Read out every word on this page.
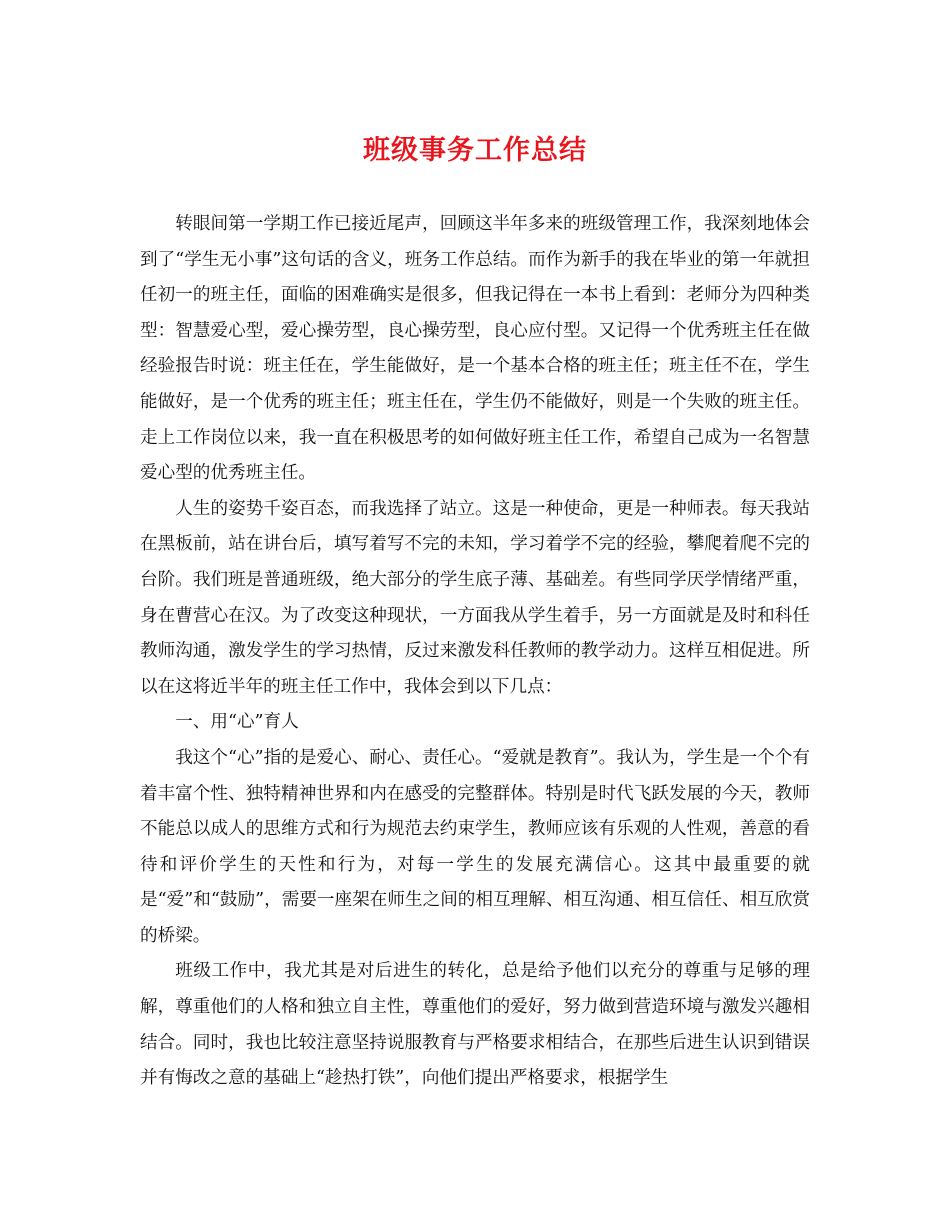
班级事务工作总结

转眼间第一学期工作已接近尾声，回顾这半年多来的班级管理工作，我深刻地体会到了“学生无小事”这句话的含义，班务工作总结。而作为新手的我在毕业的第一年就担任初一的班主任，面临的困难确实是很多，但我记得在一本书上看到：老师分为四种类型：智慧爱心型，爱心操劳型，良心操劳型，良心应付型。又记得一个优秀班主任在做经验报告时说：班主任在，学生能做好，是一个基本合格的班主任；班主任不在，学生能做好，是一个优秀的班主任；班主任在，学生仍不能做好，则是一个失败的班主任。走上工作岗位以来，我一直在积极思考的如何做好班主任工作，希望自己成为一名智慧爱心型的优秀班主任。

人生的姿势千姿百态，而我选择了站立。这是一种使命，更是一种师表。每天我站在黑板前，站在讲台后，填写着写不完的未知，学习着学不完的经验，攀爬着爬不完的台阶。我们班是普通班级，绝大部分的学生底子薄、基础差。有些同学厌学情绪严重，身在曹营心在汉。为了改变这种现状，一方面我从学生着手，另一方面就是及时和科任教师沟通，激发学生的学习热情，反过来激发科任教师的教学动力。这样互相促进。所以在这将近半年的班主任工作中，我体会到以下几点：

一、用“心”育人

我这个“心”指的是爱心、耐心、责任心。“爱就是教育”。我认为，学生是一个个有着丰富个性、独特精神世界和内在感受的完整群体。特别是时代飞跃发展的今天，教师不能总以成人的思维方式和行为规范去约束学生，教师应该有乐观的人性观，善意的看待和评价学生的天性和行为，对每一学生的发展充满信心。这其中最重要的就是“爱”和“鼓励”，需要一座架在师生之间的相互理解、相互沟通、相互信任、相互欣赏的桥梁。

班级工作中，我尤其是对后进生的转化，总是给予他们以充分的尊重与足够的理解，尊重他们的人格和独立自主性，尊重他们的爱好，努力做到营造环境与激发兴趣相结合。同时，我也比较注意坚持说服教育与严格要求相结合，在那些后进生认识到错误并有悔改之意的基础上“趁热打铁”，向他们提出严格要求，根据学生
